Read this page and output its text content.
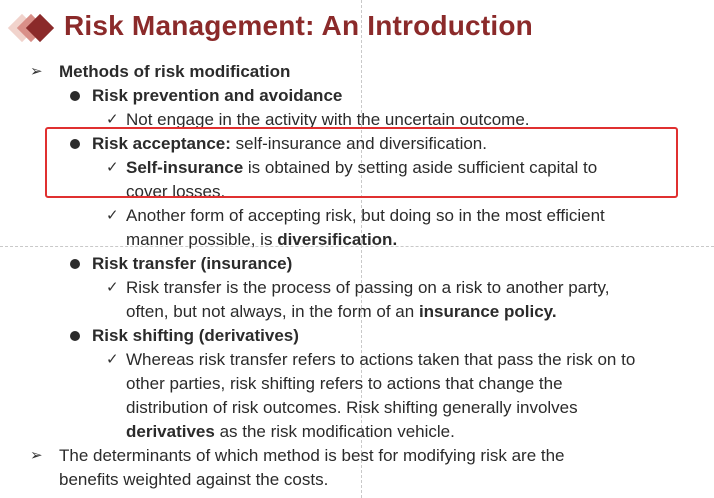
Risk Management: An Introduction
➢ Methods of risk modification
Risk prevention and avoidance
✓ Not engage in the activity with the uncertain outcome.
Risk acceptance: self-insurance and diversification.
✓ Self-insurance is obtained by setting aside sufficient capital to
cover losses.
✓ Another form of accepting risk, but doing so in the most efficient
manner possible, is diversification.
Risk transfer (insurance)
✓ Risk transfer is the process of passing on a risk to another party,
often, but not always, in the form of an insurance policy.
Risk shifting (derivatives)
✓ Whereas risk transfer refers to actions taken that pass the risk on to
other parties, risk shifting refers to actions that change the
distribution of risk outcomes. Risk shifting generally involves
derivatives as the risk modification vehicle.
➢ The determinants of which method is best for modifying risk are the
benefits weighted against the costs.
